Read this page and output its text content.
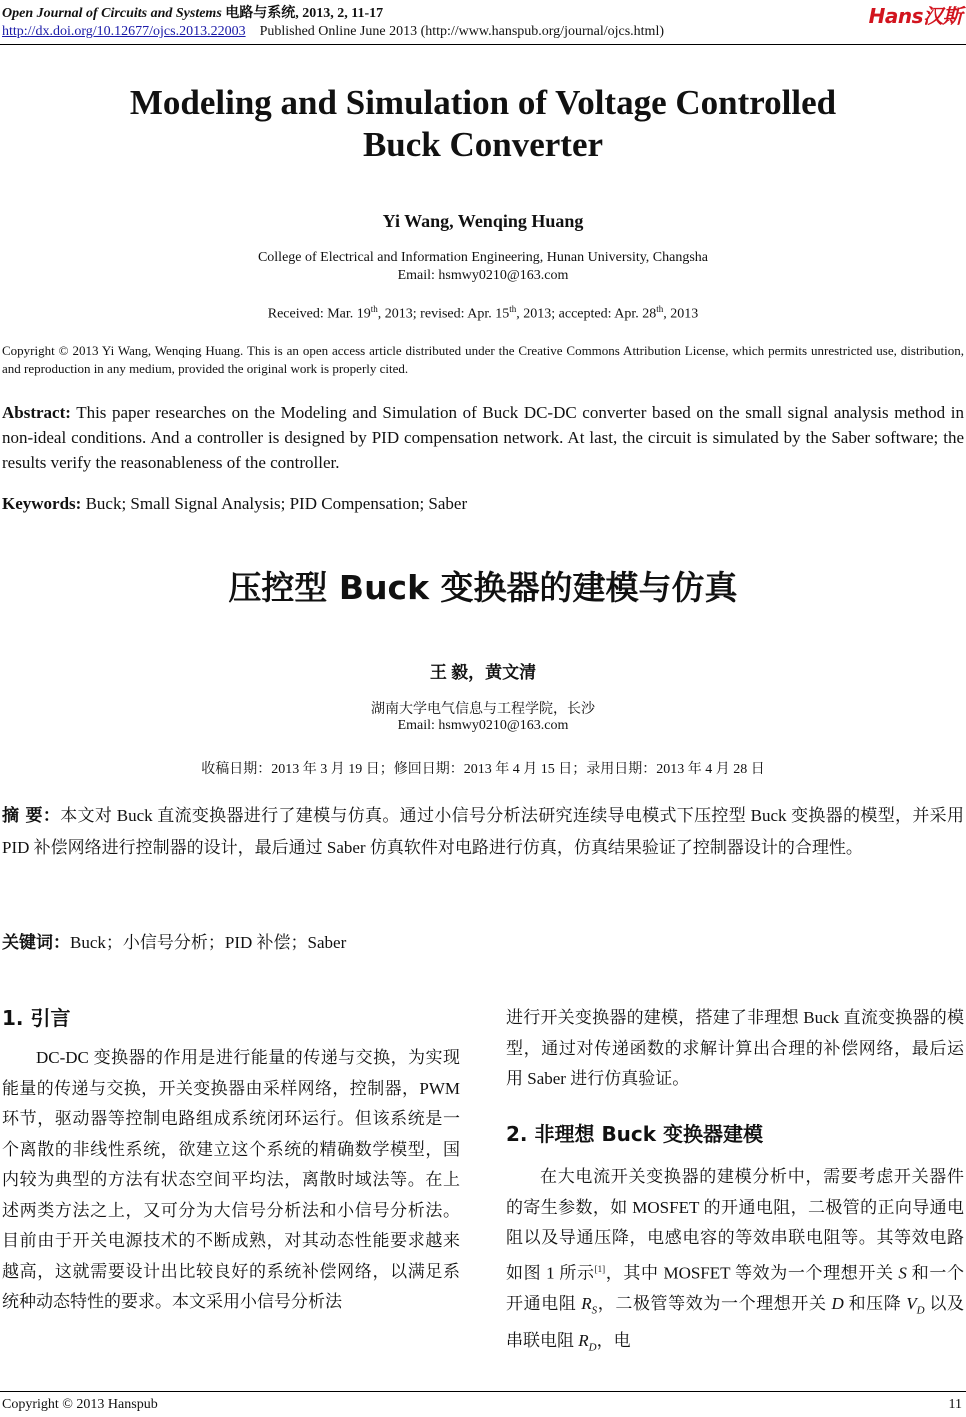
Open Journal of Circuits and Systems 电路与系统, 2013, 2, 11-17
http://dx.doi.org/10.12677/ojcs.2013.22003 Published Online June 2013 (http://www.hanspub.org/journal/ojcs.html)
Hans汉斯
Modeling and Simulation of Voltage Controlled
Buck Converter
Yi Wang, Wenqing Huang
College of Electrical and Information Engineering, Hunan University, Changsha
Email: hsmwy0210@163.com
Received: Mar. 19th, 2013; revised: Apr. 15th, 2013; accepted: Apr. 28th, 2013
Copyright © 2013 Yi Wang, Wenqing Huang. This is an open access article distributed under the Creative Commons Attribution License, which permits unrestricted use, distribution, and reproduction in any medium, provided the original work is properly cited.
Abstract: This paper researches on the Modeling and Simulation of Buck DC-DC converter based on the small signal analysis method in non-ideal conditions. And a controller is designed by PID compensation network. At last, the circuit is simulated by the Saber software; the results verify the reasonableness of the controller.
Keywords: Buck; Small Signal Analysis; PID Compensation; Saber
压控型 Buck 变换器的建模与仿真
王 毅，黄文清
湖南大学电气信息与工程学院，长沙
Email: hsmwy0210@163.com
收稿日期：2013 年 3 月 19 日；修回日期：2013 年 4 月 15 日；录用日期：2013 年 4 月 28 日
摘 要：本文对 Buck 直流变换器进行了建模与仿真。通过小信号分析法研究连续导电模式下压控型 Buck 变换器的模型，并采用 PID 补偿网络进行控制器的设计，最后通过 Saber 仿真软件对电路进行仿真，仿真结果验证了控制器设计的合理性。
关键词：Buck；小信号分析；PID 补偿；Saber
1. 引言
DC-DC 变换器的作用是进行能量的传递与交换，为实现能量的传递与交换，开关变换器由采样网络，控制器，PWM 环节，驱动器等控制电路组成系统闭环运行。但该系统是一个离散的非线性系统，欲建立这个系统的精确数学模型，国内较为典型的方法有状态空间平均法，离散时域法等。在上述两类方法之上，又可分为大信号分析法和小信号分析法。目前由于开关电源技术的不断成熟，对其动态性能要求越来越高，这就需要设计出比较良好的系统补偿网络，以满足系统种动态特性的要求。本文采用小信号分析法
进行开关变换器的建模，搭建了非理想 Buck 直流变换器的模型，通过对传递函数的求解计算出合理的补偿网络，最后运用 Saber 进行仿真验证。
2. 非理想 Buck 变换器建模
在大电流开关变换器的建模分析中，需要考虑开关器件的寄生参数，如 MOSFET 的开通电阻，二极管的正向导通电阻以及导通压降，电感电容的等效串联电阻等。其等效电路如图 1 所示[1]，其中 MOSFET 等效为一个理想开关 S 和一个开通电阻 $R_S$，二极管等效为一个理想开关 D 和压降 $V_D$ 以及串联电阻 $R_D$，电
Copyright © 2013 Hanspub	11
